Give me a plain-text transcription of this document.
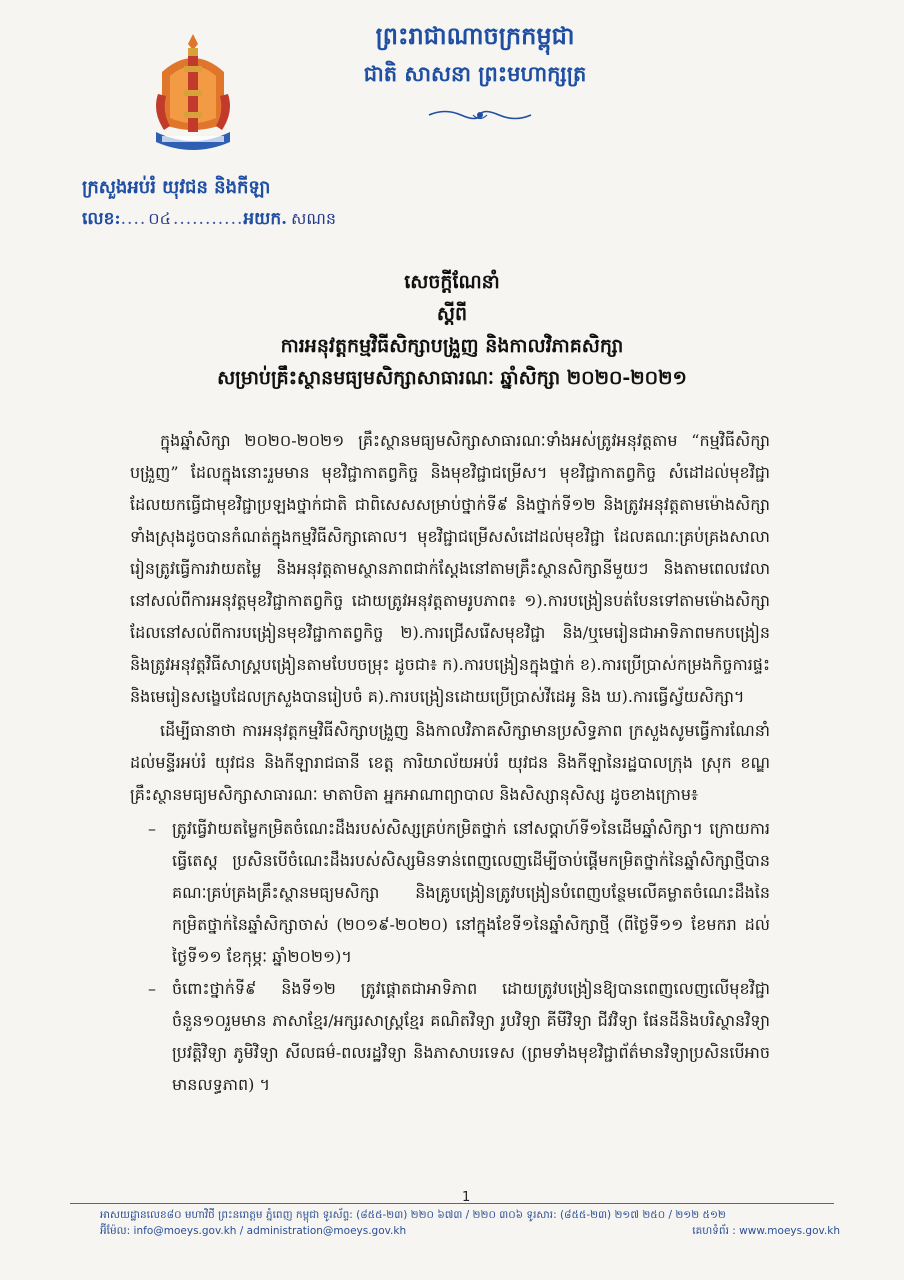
ព្រះរាជាណាចក្រកម្ពុជា
ជាតិ សាសនា ព្រះមហាក្សត្រ
ក្រសួងអប់រំ យុវជន និងកីឡា
លេខ: .... ០៤ ........... អយក. សណន
សេចក្តីណែនាំ
ស្តីពី
ការអនុវត្តកម្មវិធីសិក្សាបង្រួញ និងកាលវិភាគសិក្សា
សម្រាប់គ្រឹះស្ថានមធ្យមសិក្សាសាធារណៈ ឆ្នាំសិក្សា ២០២០-២០២១

ក្នុងឆ្នាំសិក្សា ២០២០-២០២១ គ្រឹះស្ថានមធ្យមសិក្សាសាធារណៈទាំងអស់ត្រូវអនុវត្តតាម “កម្មវិធីសិក្សាបង្រួញ” ដែលក្នុងនោះរួមមាន មុខវិជ្ជាកាតព្វកិច្ច និងមុខវិជ្ជាជម្រើស។ មុខវិជ្ជាកាតព្វកិច្ច សំដៅដល់មុខវិជ្ជា ដែលយកធ្វើជាមុខវិជ្ជាប្រឡងថ្នាក់ជាតិ ជាពិសេសសម្រាប់ថ្នាក់ទី៩ និងថ្នាក់ទី១២ និងត្រូវអនុវត្តតាមម៉ោងសិក្សាទាំងស្រុងដូចបានកំណត់ក្នុងកម្មវិធីសិក្សាគោល។ មុខវិជ្ជាជម្រើសសំដៅដល់មុខវិជ្ជា ដែលគណៈគ្រប់គ្រងសាលារៀនត្រូវធ្វើការវាយតម្លៃ និងអនុវត្តតាមស្ថានភាពជាក់ស្តែងនៅតាមគ្រឹះស្ថានសិក្សានីមួយៗ និងតាមពេលវេលានៅសល់ពីការអនុវត្តមុខវិជ្ជាកាតព្វកិច្ច ដោយត្រូវអនុវត្តតាមរូបភាព៖ ១).ការបង្រៀនបត់បែនទៅតាមម៉ោងសិក្សាដែលនៅសល់ពីការបង្រៀនមុខវិជ្ជាកាតព្វកិច្ច ២).ការជ្រើសរើសមុខវិជ្ជា និង/ឬមេរៀនជាអាទិភាពមកបង្រៀន និងត្រូវអនុវត្តវិធីសាស្ត្របង្រៀនតាមបែបចម្រុះ ដូចជា៖ ក).ការបង្រៀនក្នុងថ្នាក់ ខ).ការប្រើប្រាស់កម្រងកិច្ចការផ្ទះនិងមេរៀនសង្ខេបដែលក្រសួងបានរៀបចំ គ).ការបង្រៀនដោយប្រើប្រាស់វីដេអូ និង ឃ).ការធ្វើស្វ័យសិក្សា។

ដើម្បីធានាថា ការអនុវត្តកម្មវិធីសិក្សាបង្រួញ និងកាលវិភាគសិក្សាមានប្រសិទ្ធភាព ក្រសួងសូមធ្វើការណែនាំដល់មន្ទីរអប់រំ យុវជន និងកីឡារាជធានី ខេត្ត ការិយាល័យអប់រំ យុវជន និងកីឡានៃរដ្ឋបាលក្រុង ស្រុក ខណ្ឌ គ្រឹះស្ថានមធ្យមសិក្សាសាធារណៈ មាតាបិតា អ្នកអាណាព្យាបាល និងសិស្សានុសិស្ស ដូចខាងក្រោម៖

–	ត្រូវធ្វើវាយតម្លៃកម្រិតចំណេះដឹងរបស់សិស្សគ្រប់កម្រិតថ្នាក់ នៅសប្តាហ៍ទី១នៃដើមឆ្នាំសិក្សា។ ក្រោយការធ្វើតេស្ត ប្រសិនបើចំណេះដឹងរបស់សិស្សមិនទាន់ពេញលេញដើម្បីចាប់ផ្តើមកម្រិតថ្នាក់នៃឆ្នាំសិក្សាថ្មីបាន គណៈគ្រប់គ្រងគ្រឹះស្ថានមធ្យមសិក្សា និងគ្រូបង្រៀនត្រូវបង្រៀនបំពេញបន្ថែមលើគម្លាតចំណេះដឹងនៃកម្រិតថ្នាក់នៃឆ្នាំសិក្សាចាស់ (២០១៩-២០២០) នៅក្នុងខែទី១នៃឆ្នាំសិក្សាថ្មី (ពីថ្ងៃទី១១ ខែមករា ដល់ ថ្ងៃទី១១ ខែកុម្ភៈ ឆ្នាំ២០២១)។
–	ចំពោះថ្នាក់ទី៩ និងទី១២ ត្រូវផ្តោតជាអាទិភាព ដោយត្រូវបង្រៀនឱ្យបានពេញលេញលើមុខវិជ្ជាចំនួន១០រួមមាន ភាសាខ្មែរ/អក្សរសាស្ត្រខ្មែរ គណិតវិទ្យា រូបវិទ្យា គីមីវិទ្យា ជីវវិទ្យា ផែនដីនិងបរិស្ថានវិទ្យា ប្រវត្តិវិទ្យា ភូមិវិទ្យា សីលធម៌-ពលរដ្ឋវិទ្យា និងភាសាបរទេស (ព្រមទាំងមុខវិជ្ជាព័ត៌មានវិទ្យាប្រសិនបើអាចមានលទ្ធភាព) ។
1
អាសយដ្ឋានលេខ៨០ មហាវិថី ព្រះនរោត្តម ភ្នំពេញ កម្ពុជា ទូរស័ព្ទ: (៨៥៥-២៣) ២២០ ៦៧៣ / ២២០ ៣០៦ ទូរសារ: (៨៥៥-២៣) ២១៧ ២៥០ / ២១២ ៥១២
អ៊ីម៉ែល: info@moeys.gov.kh / administration@moeys.gov.kh	គេហទំព័រ : www.moeys.gov.kh
